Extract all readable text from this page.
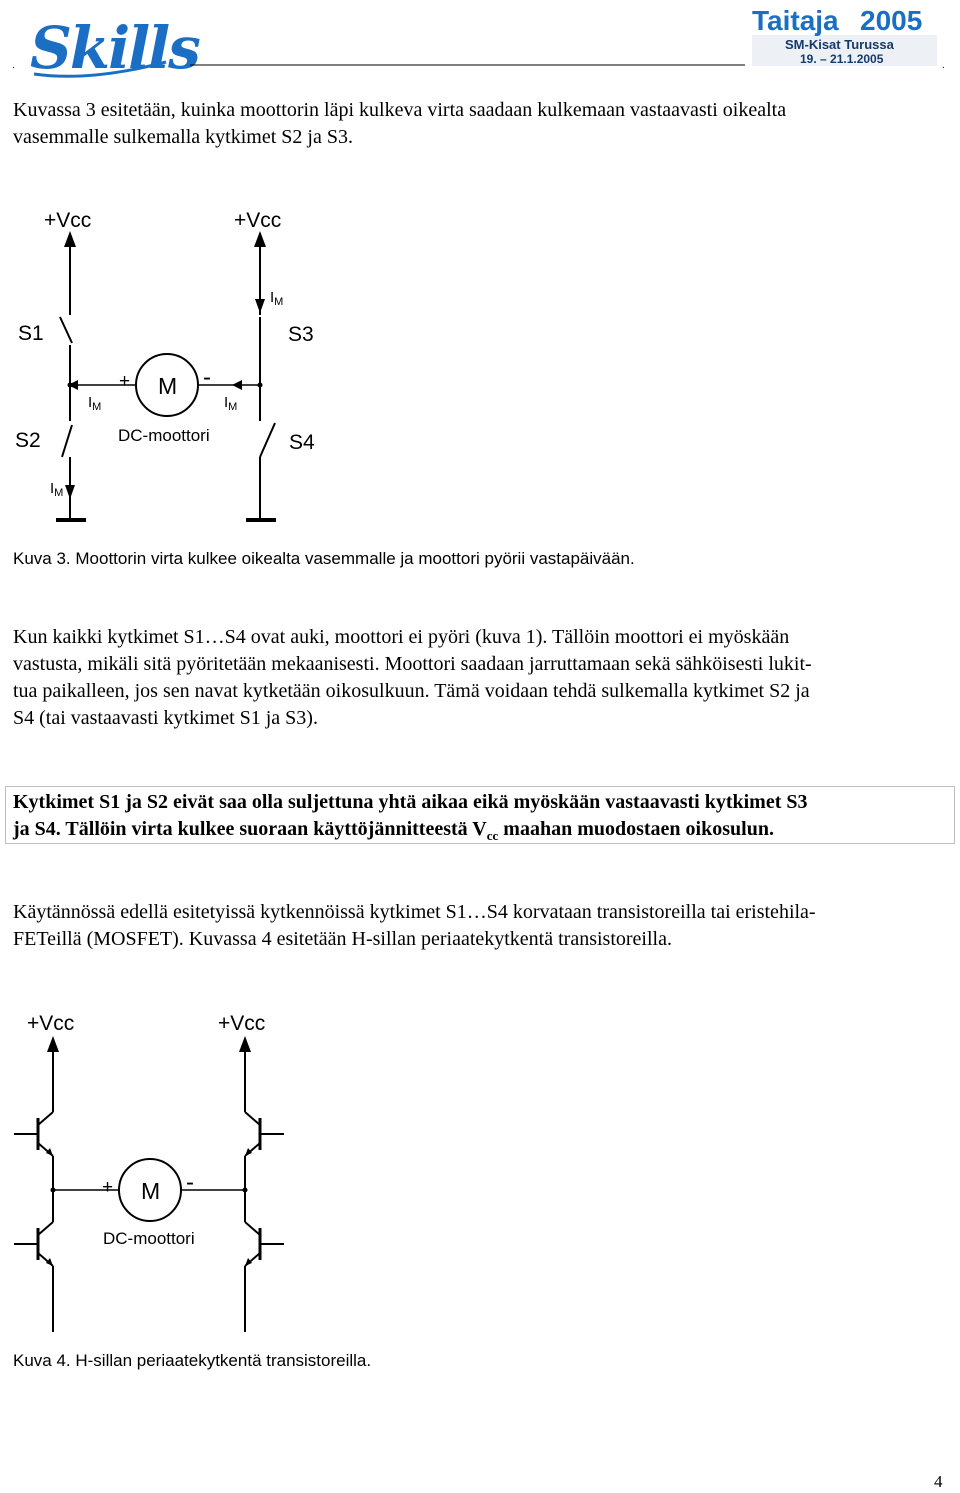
Skills
.	.
Taitaja 2005
SM-Kisat Turussa
19. – 21.1.2005

Kuvassa 3 esitetään, kuinka moottorin läpi kulkeva virta saadaan kulkemaan vastaavasti oikealta
vasemmalle sulkemalla kytkimet S2 ja S3.

+Vcc	+Vcc
S1	S3
S2	S4
$I_M$
$I_M$	$I_M$
$I_M$
M
+	-
DC-moottori
Kuva 3. Moottorin virta kulkee oikealta vasemmalle ja moottori pyörii vastapäivään.

Kun kaikki kytkimet S1…S4 ovat auki, moottori ei pyöri (kuva 1). Tällöin moottori ei myöskään
vastusta, mikäli sitä pyöritetään mekaanisesti. Moottori saadaan jarruttamaan sekä sähköisesti lukit-
tua paikalleen, jos sen navat kytketään oikosulkuun. Tämä voidaan tehdä sulkemalla kytkimet S2 ja
S4 (tai vastaavasti kytkimet S1 ja S3).

Kytkimet S1 ja S2 eivät saa olla suljettuna yhtä aikaa eikä myöskään vastaavasti kytkimet S3
ja S4. Tällöin virta kulkee suoraan käyttöjännitteestä $V_{cc}$ maahan muodostaen oikosulun.

Käytännössä edellä esitetyissä kytkennöissä kytkimet S1…S4 korvataan transistoreilla tai eristehila-
FETeillä (MOSFET). Kuvassa 4 esitetään H-sillan periaatekytkentä transistoreilla.

+Vcc	+Vcc
M
+	-
DC-moottori
Kuva 4. H-sillan periaatekytkentä transistoreilla.
4
